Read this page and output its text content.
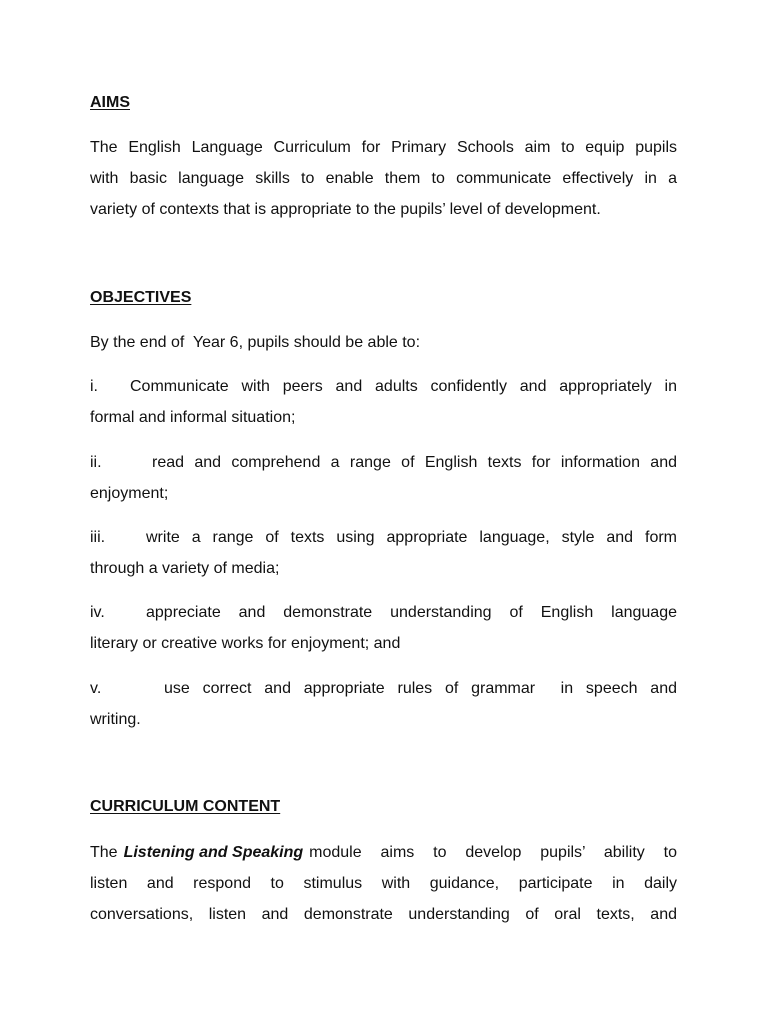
AIMS
The English Language Curriculum for Primary Schools aim to equip pupils
with basic language skills to enable them to communicate effectively in a
variety of contexts that is appropriate to the pupils’ level of development.
OBJECTIVES
By the end of  Year 6, pupils should be able to:
i.	Communicate with peers and adults confidently and appropriately in
formal and informal situation;
ii.	read and comprehend a range of English texts for information and
enjoyment;
iii.	write a range of texts using appropriate language, style and form
through a variety of media;
iv.	appreciate and demonstrate understanding of English language
literary or creative works for enjoyment; and
v.	use correct and appropriate rules of grammar  in speech and
writing.
CURRICULUM CONTENT
The Listening and Speaking module aims to develop pupils’ ability to
listen and respond to stimulus with guidance, participate in daily
conversations, listen and demonstrate understanding of oral texts, and
